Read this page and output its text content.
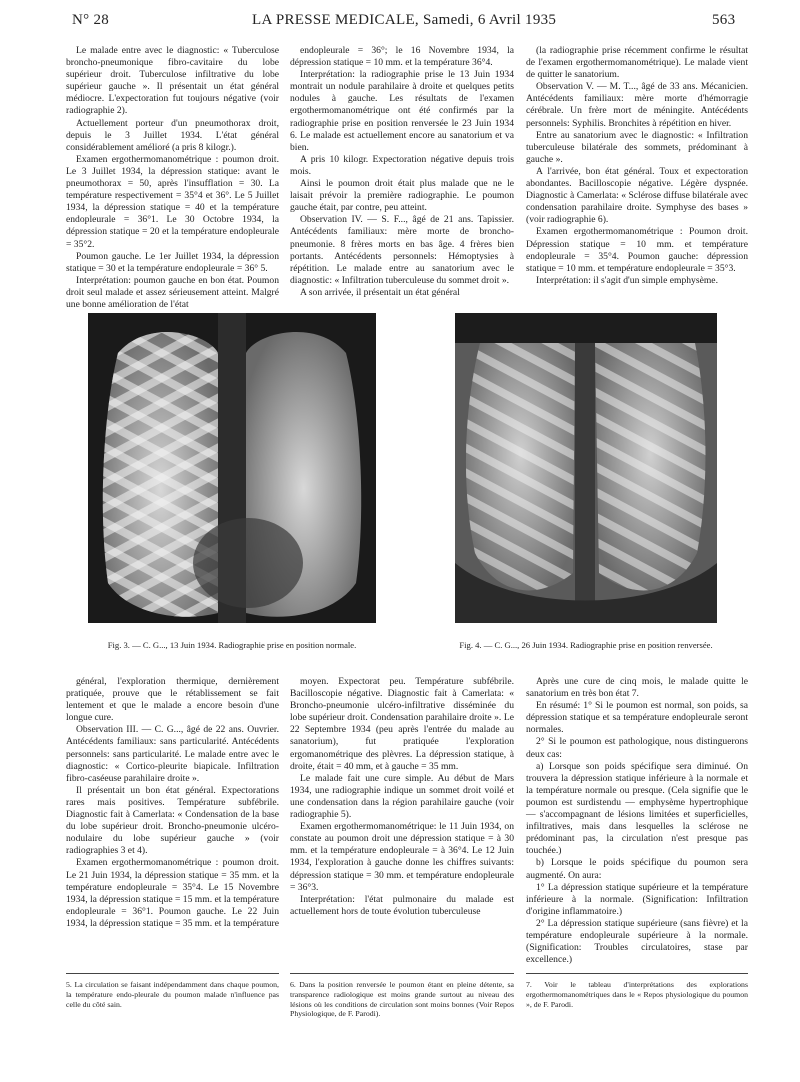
N° 28	LA PRESSE MEDICALE, Samedi, 6 Avril 1935	563

Le malade entre avec le diagnostic: « Tuberculose broncho-pneumonique fibro-cavitaire du lobe supérieur droit. Tuberculose infiltrative du lobe supérieur gauche ». Il présentait un état général médiocre. L'expectoration fut toujours négative (voir radiographie 2).

Actuellement porteur d'un pneumothorax droit, depuis le 3 Juillet 1934. L'état général considérablement amélioré (a pris 8 kilogr.).

Examen ergothermomanométrique : poumon droit. Le 3 Juillet 1934, la dépression statique: avant le pneumothorax = 50, après l'insufflation = 30. La température respectivement = 35°4 et 36°. Le 5 Juillet 1934, la dépression statique = 40 et la température endopleurale = 36°1. Le 30 Octobre 1934, la dépression statique = 20 et la température endopleurale = 35°2.

Poumon gauche. Le 1er Juillet 1934, la dépression statique = 30 et la température endopleurale = 36° 5.

Interprétation: poumon gauche en bon état. Poumon droit seul malade et assez sérieusement atteint. Malgré une bonne amélioration de l'état

endopleurale = 36°; le 16 Novembre 1934, la dépression statique = 10 mm. et la température 36°4.

Interprétation: la radiographie prise le 13 Juin 1934 montrait un nodule parahilaire à droite et quelques petits nodules à gauche. Les résultats de l'examen ergothermomanométrique ont été confirmés par la radiographie prise en position renversée le 23 Juin 1934 6. Le malade est actuellement encore au sanatorium et va bien.

A pris 10 kilogr. Expectoration négative depuis trois mois.

Ainsi le poumon droit était plus malade que ne le laisait prévoir la première radiographie. Le poumon gauche était, par contre, peu atteint.

Observation IV. — S. F..., âgé de 21 ans. Tapissier. Antécédents familiaux: mère morte de broncho-pneumonie. 8 frères morts en bas âge. 4 frères bien portants. Antécédents personnels: Hémoptysies à répétition. Le malade entre au sanatorium avec le diagnostic: « Infiltration tuberculeuse du sommet droit ».

A son arrivée, il présentait un état général

(la radiographie prise récemment confirme le résultat de l'examen ergothermomanométrique). Le malade vient de quitter le sanatorium.

Observation V. — M. T..., âgé de 33 ans. Mécanicien. Antécédents familiaux: mère morte d'hémorragie cérébrale. Un frère mort de méningite. Antécédents personnels: Syphilis. Bronchites à répétition en hiver.

Entre au sanatorium avec le diagnostic: « Infiltration tuberculeuse bilatérale des sommets, prédominant à gauche ».

A l'arrivée, bon état général. Toux et expectoration abondantes. Bacilloscopie négative. Légère dyspnée. Diagnostic à Camerlata: « Sclérose diffuse bilatérale avec condensation parahilaire droite. Symphyse des bases » (voir radiographie 6).

Examen ergothermomanométrique : Poumon droit. Dépression statique = 10 mm. et température endopleurale = 35°4. Poumon gauche: dépression statique = 10 mm. et température endopleurale = 35°3.

Interprétation: il s'agit d'un simple emphysème.

Fig. 3. — C. G..., 13 Juin 1934. Radiographie prise en position normale.	Fig. 4. — C. G..., 26 Juin 1934. Radiographie prise en position renversée.

général, l'exploration thermique, dernièrement pratiquée, prouve que le rétablissement se fait lentement et que le malade a encore besoin d'une longue cure.

Observation III. — C. G..., âgé de 22 ans. Ouvrier. Antécédents familiaux: sans particularité. Antécédents personnels: sans particularité. Le malade entre avec le diagnostic: « Cortico-pleurite biapicale. Infiltration fibro-caséeuse parahilaire droite ».

Il présentait un bon état général. Expectorations rares mais positives. Température subfébrile. Diagnostic fait à Camerlata: « Condensation de la base du lobe supérieur droit. Broncho-pneumonie ulcéro-nodulaire du lobe supérieur gauche » (voir radiographies 3 et 4).

Examen ergothermomanométrique : poumon droit. Le 21 Juin 1934, la dépression statique = 35 mm. et la température endopleurale = 35°4. Le 15 Novembre 1934, la dépression statique = 15 mm. et la température endopleurale = 36°1. Poumon gauche. Le 22 Juin 1934, la dépression statique = 35 mm. et la température

moyen. Expectorat peu. Température subfébrile. Bacilloscopie négative. Diagnostic fait à Camerlata: « Broncho-pneumonie ulcéro-infiltrative disséminée du lobe supérieur droit. Condensation parahilaire droite ». Le 22 Septembre 1934 (peu après l'entrée du malade au sanatorium), fut pratiquée l'exploration ergomanométrique des plèvres. La dépression statique, à droite, était = 40 mm, et à gauche = 35 mm.

Le malade fait une cure simple. Au début de Mars 1934, une radiographie indique un sommet droit voilé et une condensation dans la région parahilaire gauche (voir radiographie 5).

Examen ergothermomanométrique: le 11 Juin 1934, on constate au poumon droit une dépression statique = à 30 mm. et la température endopleurale = à 36°4. Le 12 Juin 1934, l'exploration à gauche donne les chiffres suivants: dépression statique = 30 mm. et température endopleurale = 36°3.

Interprétation: l'état pulmonaire du malade est actuellement hors de toute évolution tuberculeuse

Après une cure de cinq mois, le malade quitte le sanatorium en très bon état 7.

En résumé: 1° Si le poumon est normal, son poids, sa dépression statique et sa température endopleurale seront normales.

2° Si le poumon est pathologique, nous distinguerons deux cas:

a) Lorsque son poids spécifique sera diminué. On trouvera la dépression statique inférieure à la normale et la température normale ou presque. (Cela signifie que le poumon est surdistendu — emphysème hypertrophique — s'accompagnant de lésions limitées et superficielles, infiltratives, mais dans lesquelles la sclérose ne prédominant pas, la circulation n'est presque pas touchée.)

b) Lorsque le poids spécifique du poumon sera augmenté. On aura:

1° La dépression statique supérieure et la température inférieure à la normale. (Signification: Infiltration d'origine inflammatoire.)

2° La dépression statique supérieure (sans fièvre) et la température endopleurale supérieure à la normale. (Signification: Troubles circulatoires, stase par excellence.)

5. La circulation se faisant indépendamment dans chaque poumon, la température endo-pleurale du poumon malade n'influence pas celle du côté sain.
6. Dans la position renversée le poumon étant en pleine détente, sa transparence radiologique est moins grande surtout au niveau des lésions où les conditions de circulation sont moins bonnes (Voir Repos Physiologique, de F. Parodi).
7. Voir le tableau d'interprétations des explorations ergothermomanométriques dans le « Repos physiologique du poumon », de F. Parodi.
